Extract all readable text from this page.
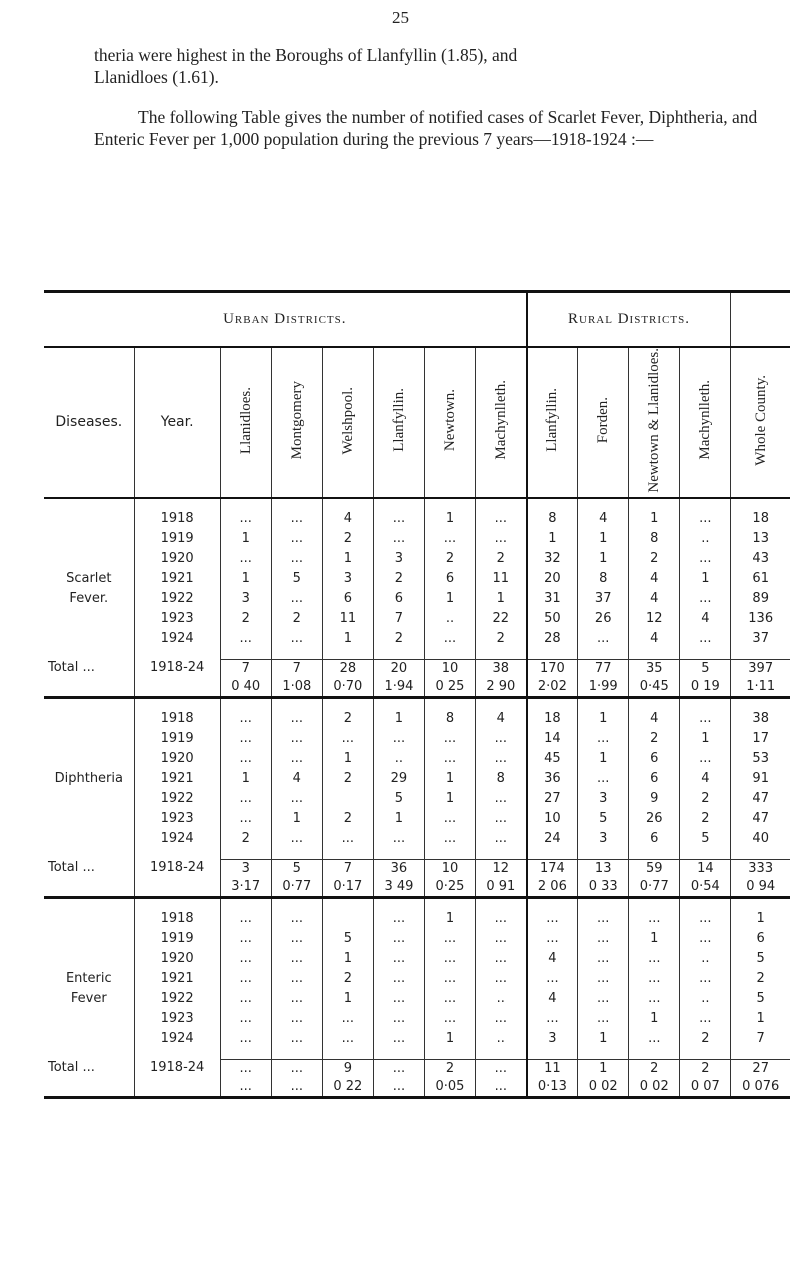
25

theria were highest in the Boroughs of Llanfyllin (1.85), and

Llanidloes (1.61).

The following Table gives the number of notified cases of Scarlet Fever, Diphtheria, and Enteric Fever per 1,000 population during the previous 7 years—1918-1924 :—

Urban Districts.								Rural Districts.				
Diseases.	Year.	Llanidloes.	Montgomery	Welshpool.	Llanfyllin.	Newtown.	Machynlleth.	Llanfyllin.	Forden.	Newtown & Llanidloes.	Machynlleth.	Whole County.

	1918	...	...	4	...	1	...	8	4	1	...	18
	1919	1	...	2	...	...	...	1	1	8	..	13
	1920	...	...	1	3	2	2	32	1	2	...	43
Scarlet	1921	1	5	3	2	6	11	20	8	4	1	61
Fever.	1922	3	...	6	6	1	1	31	37	4	...	89
	1923	2	2	11	7	..	22	50	26	12	4	136
	1924	...	...	1	2	...	2	28	...	4	...	37

Total ...	1918-24	7	7	28	20	10	38	170	77	35	5	397
		0 40	1·08	0·70	1·94	0 25	2 90	2·02	1·99	0·45	0 19	1·11

	1918	...	...	2	1	8	4	18	1	4	...	38
	1919	...	...	...	...	...	...	14	...	2	1	17
	1920	...	...	1	..	...	...	45	1	6	...	53
Diphtheria	1921	1	4	2	29	1	8	36	...	6	4	91
	1922	...	...		5	1	...	27	3	9	2	47
	1923	...	1	2	1	...	...	10	5	26	2	47
	1924	2	...	...	...	...	...	24	3	6	5	40

Total ...	1918-24	3	5	7	36	10	12	174	13	59	14	333
		3·17	0·77	0·17	3 49	0·25	0 91	2 06	0 33	0·77	0·54	0 94

	1918	...	...		...	1	...	...	...	...	...	1
	1919	...	...	5	...	...	...	...	...	1	...	6
	1920	...	...	1	...	...	...	4	...	...	..	5
Enteric	1921	...	...	2	...	...	...	...	...	...	...	2
Fever	1922	...	...	1	...	...	..	4	...	...	..	5
	1923	...	...	...	...	...	...	...	...	1	...	1
	1924	...	...	...	...	1	..	3	1	...	2	7

Total ...	1918-24	...	...	9	...	2	...	11	1	2	2	27
		...	...	0 22	...	0·05	...	0·13	0 02	0 02	0 07	0 076
